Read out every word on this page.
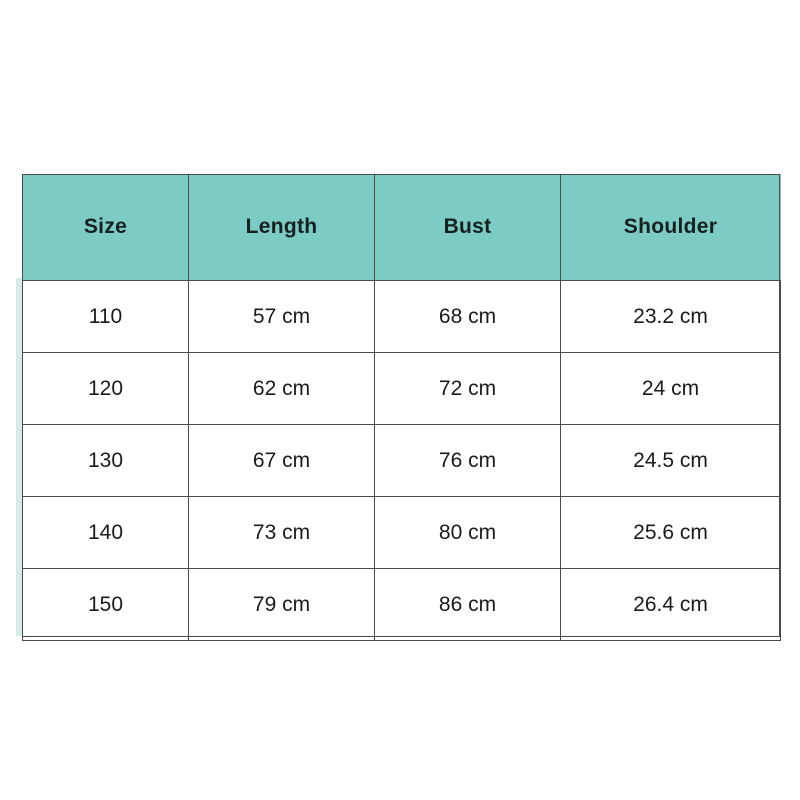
Size	Length	Bust	Shoulder
110	57 cm	68 cm	23.2 cm
120	62 cm	72 cm	24 cm
130	67 cm	76 cm	24.5 cm
140	73 cm	80 cm	25.6 cm
150	79 cm	86 cm	26.4 cm
